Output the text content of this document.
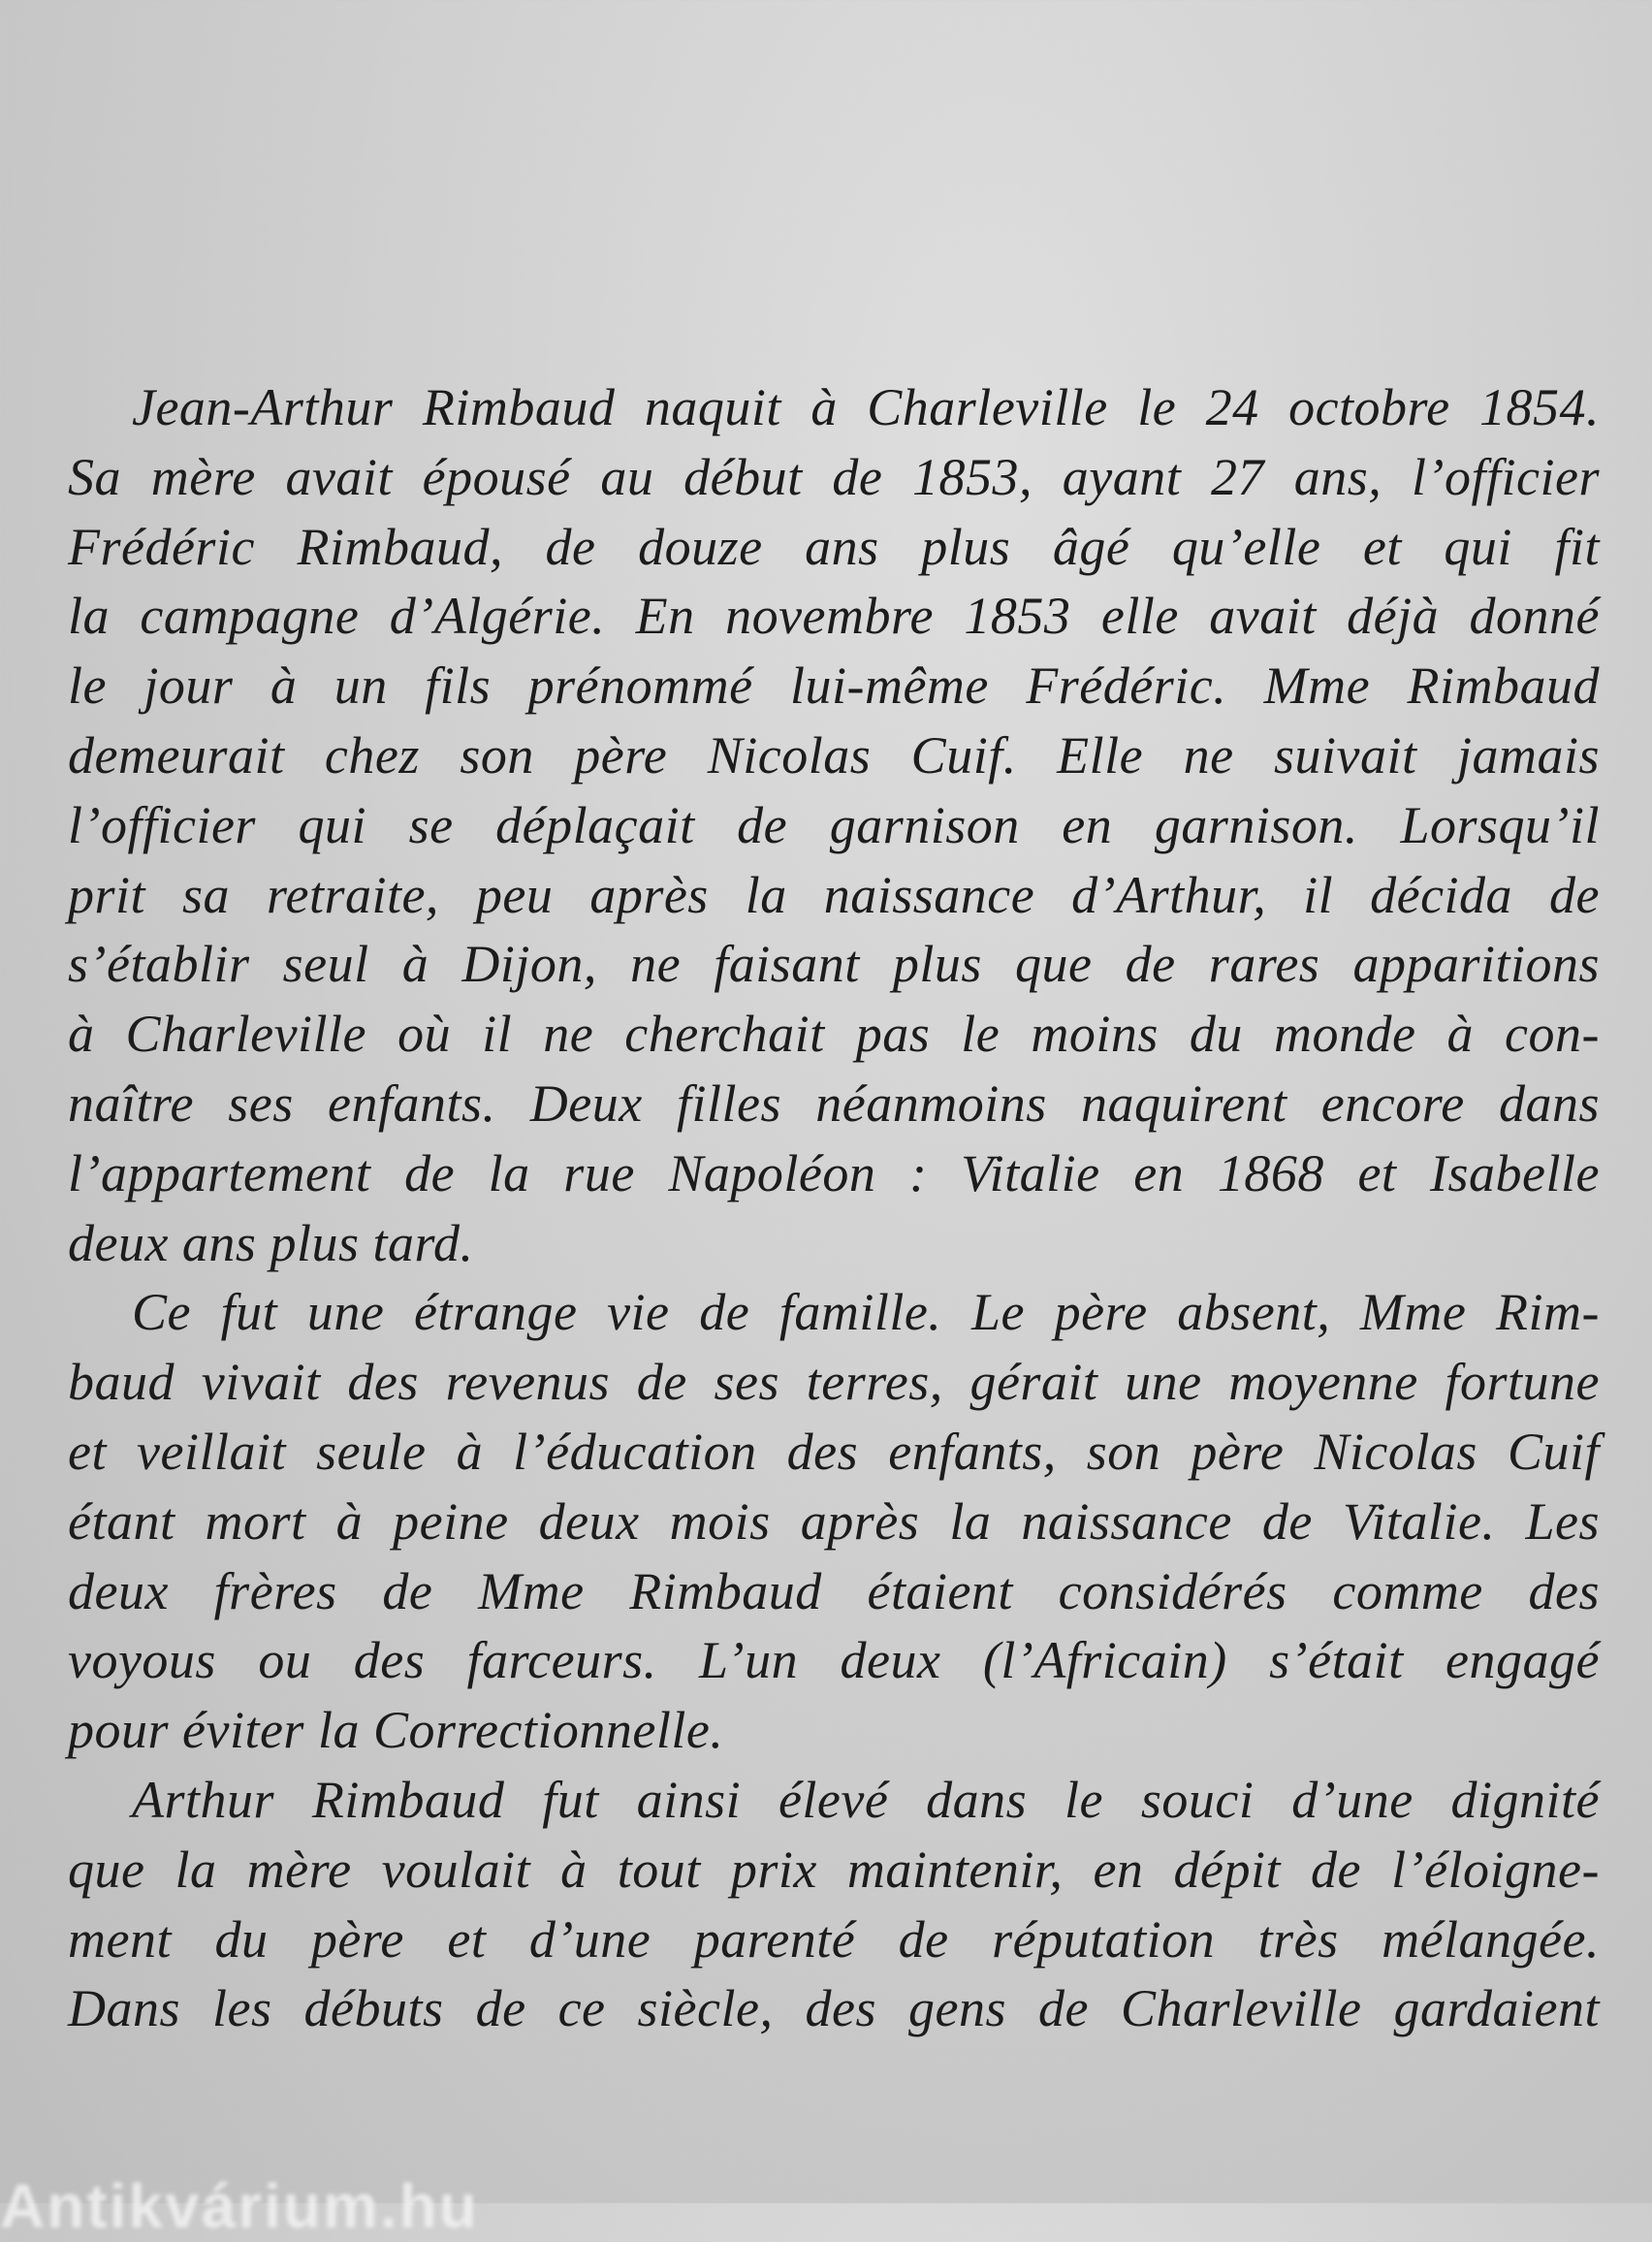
Jean-Arthur Rimbaud naquit à Charleville le 24 octobre 1854.
Sa mère avait épousé au début de 1853, ayant 27 ans, l’officier
Frédéric Rimbaud, de douze ans plus âgé qu’elle et qui fit
la campagne d’Algérie. En novembre 1853 elle avait déjà donné
le jour à un fils prénommé lui-même Frédéric. Mme Rimbaud
demeurait chez son père Nicolas Cuif. Elle ne suivait jamais
l’officier qui se déplaçait de garnison en garnison. Lorsqu’il
prit sa retraite, peu après la naissance d’Arthur, il décida de
s’établir seul à Dijon, ne faisant plus que de rares apparitions
à Charleville où il ne cherchait pas le moins du monde à con-
naître ses enfants. Deux filles néanmoins naquirent encore dans
l’appartement de la rue Napoléon : Vitalie en 1868 et Isabelle
deux ans plus tard.
Ce fut une étrange vie de famille. Le père absent, Mme Rim-
baud vivait des revenus de ses terres, gérait une moyenne fortune
et veillait seule à l’éducation des enfants, son père Nicolas Cuif
étant mort à peine deux mois après la naissance de Vitalie. Les
deux frères de Mme Rimbaud étaient considérés comme des
voyous ou des farceurs. L’un deux (l’Africain) s’était engagé
pour éviter la Correctionnelle.
Arthur Rimbaud fut ainsi élevé dans le souci d’une dignité
que la mère voulait à tout prix maintenir, en dépit de l’éloigne-
ment du père et d’une parenté de réputation très mélangée.
Dans les débuts de ce siècle, des gens de Charleville gardaient
Antikvárium.hu
